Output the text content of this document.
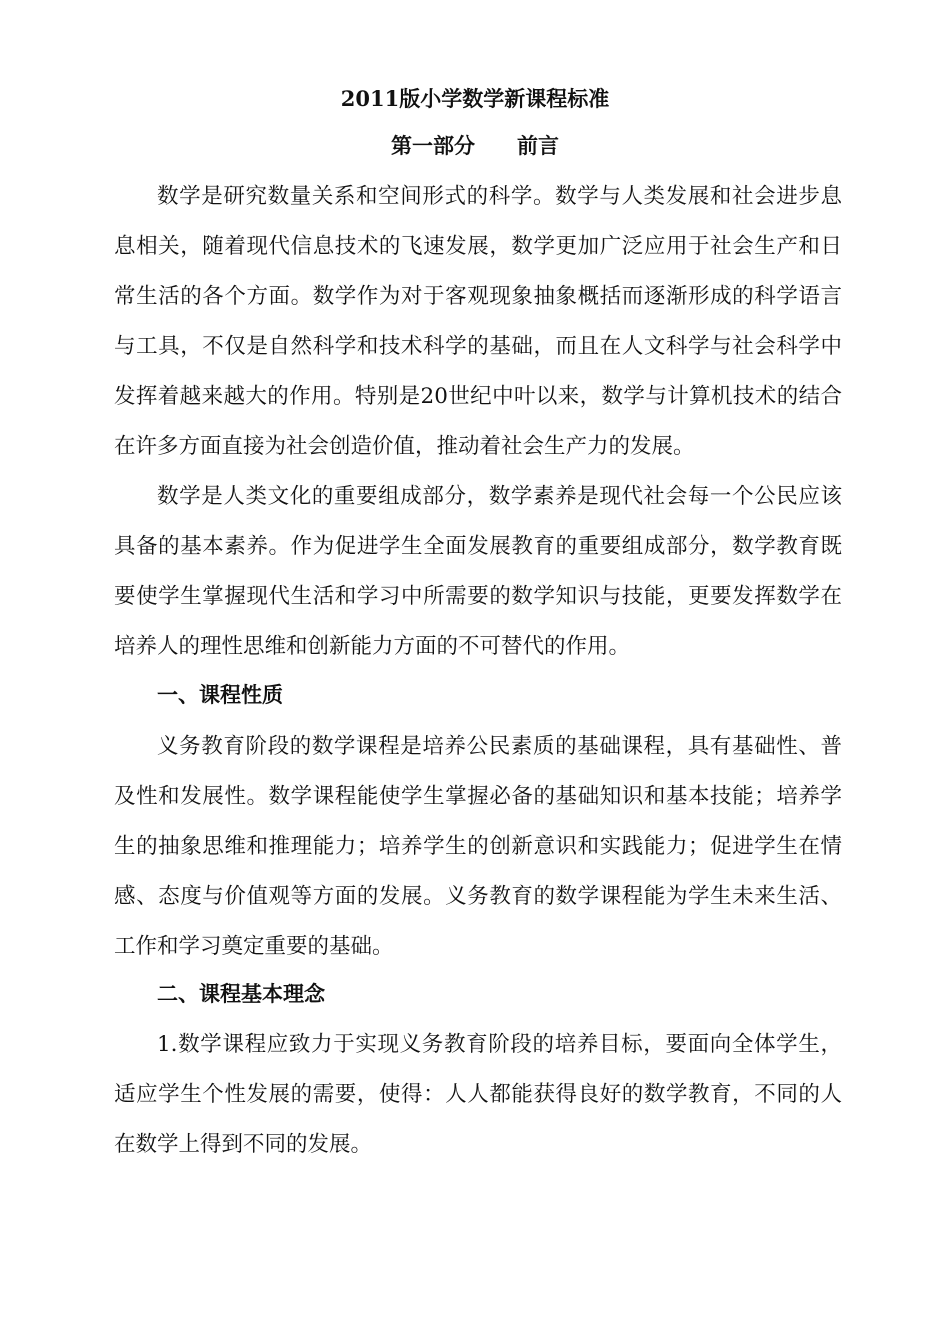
2011版小学数学新课程标准
第一部分 前言

数学是研究数量关系和空间形式的科学。数学与人类发展和社会进步息息相关，随着现代信息技术的飞速发展，数学更加广泛应用于社会生产和日常生活的各个方面。数学作为对于客观现象抽象概括而逐渐形成的科学语言与工具，不仅是自然科学和技术科学的基础，而且在人文科学与社会科学中发挥着越来越大的作用。特别是20世纪中叶以来，数学与计算机技术的结合在许多方面直接为社会创造价值，推动着社会生产力的发展。

数学是人类文化的重要组成部分，数学素养是现代社会每一个公民应该具备的基本素养。作为促进学生全面发展教育的重要组成部分，数学教育既要使学生掌握现代生活和学习中所需要的数学知识与技能，更要发挥数学在培养人的理性思维和创新能力方面的不可替代的作用。

一、课程性质

义务教育阶段的数学课程是培养公民素质的基础课程，具有基础性、普及性和发展性。数学课程能使学生掌握必备的基础知识和基本技能；培养学生的抽象思维和推理能力；培养学生的创新意识和实践能力；促进学生在情感、态度与价值观等方面的发展。义务教育的数学课程能为学生未来生活、工作和学习奠定重要的基础。

二、课程基本理念

1.数学课程应致力于实现义务教育阶段的培养目标，要面向全体学生，适应学生个性发展的需要，使得：人人都能获得良好的数学教育，不同的人在数学上得到不同的发展。
